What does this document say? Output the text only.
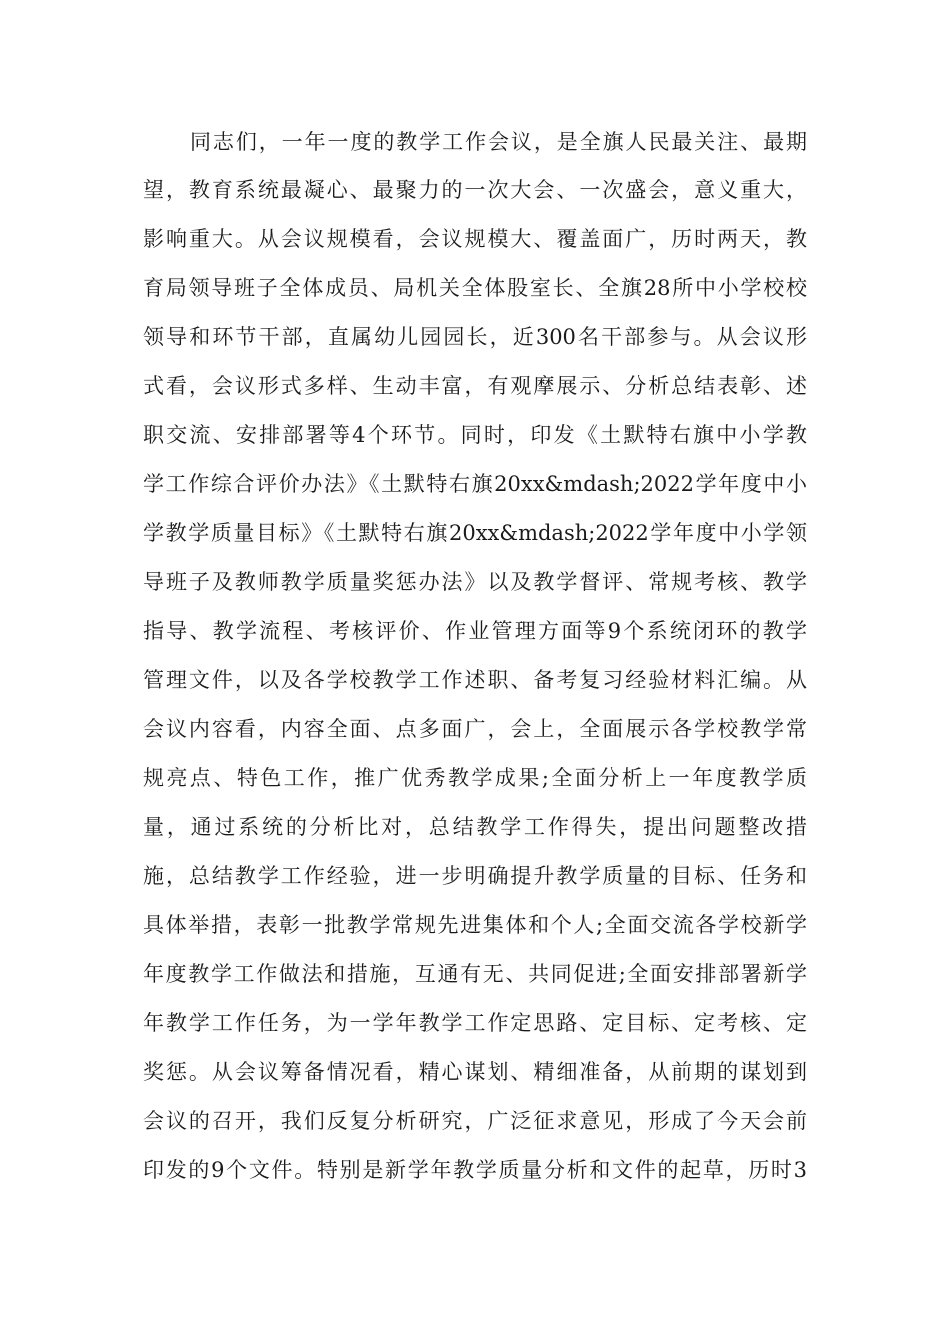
同志们，一年一度的教学工作会议，是全旗人民最关注、最期
望，教育系统最凝心、最聚力的一次大会、一次盛会，意义重大，
影响重大。从会议规模看，会议规模大、覆盖面广，历时两天，教
育局领导班子全体成员、局机关全体股室长、全旗28所中小学校校
领导和环节干部，直属幼儿园园长，近300名干部参与。从会议形
式看，会议形式多样、生动丰富，有观摩展示、分析总结表彰、述
职交流、安排部署等4个环节。同时，印发《土默特右旗中小学教
学工作综合评价办法》《土默特右旗20xx&mdash;2022学年度中小
学教学质量目标》《土默特右旗20xx&mdash;2022学年度中小学领
导班子及教师教学质量奖惩办法》以及教学督评、常规考核、教学
指导、教学流程、考核评价、作业管理方面等9个系统闭环的教学
管理文件，以及各学校教学工作述职、备考复习经验材料汇编。从
会议内容看，内容全面、点多面广，会上，全面展示各学校教学常
规亮点、特色工作，推广优秀教学成果;全面分析上一年度教学质
量，通过系统的分析比对，总结教学工作得失，提出问题整改措
施，总结教学工作经验，进一步明确提升教学质量的目标、任务和
具体举措，表彰一批教学常规先进集体和个人;全面交流各学校新学
年度教学工作做法和措施，互通有无、共同促进;全面安排部署新学
年教学工作任务，为一学年教学工作定思路、定目标、定考核、定
奖惩。从会议筹备情况看，精心谋划、精细准备，从前期的谋划到
会议的召开，我们反复分析研究，广泛征求意见，形成了今天会前
印发的9个文件。特别是新学年教学质量分析和文件的起草，历时3
